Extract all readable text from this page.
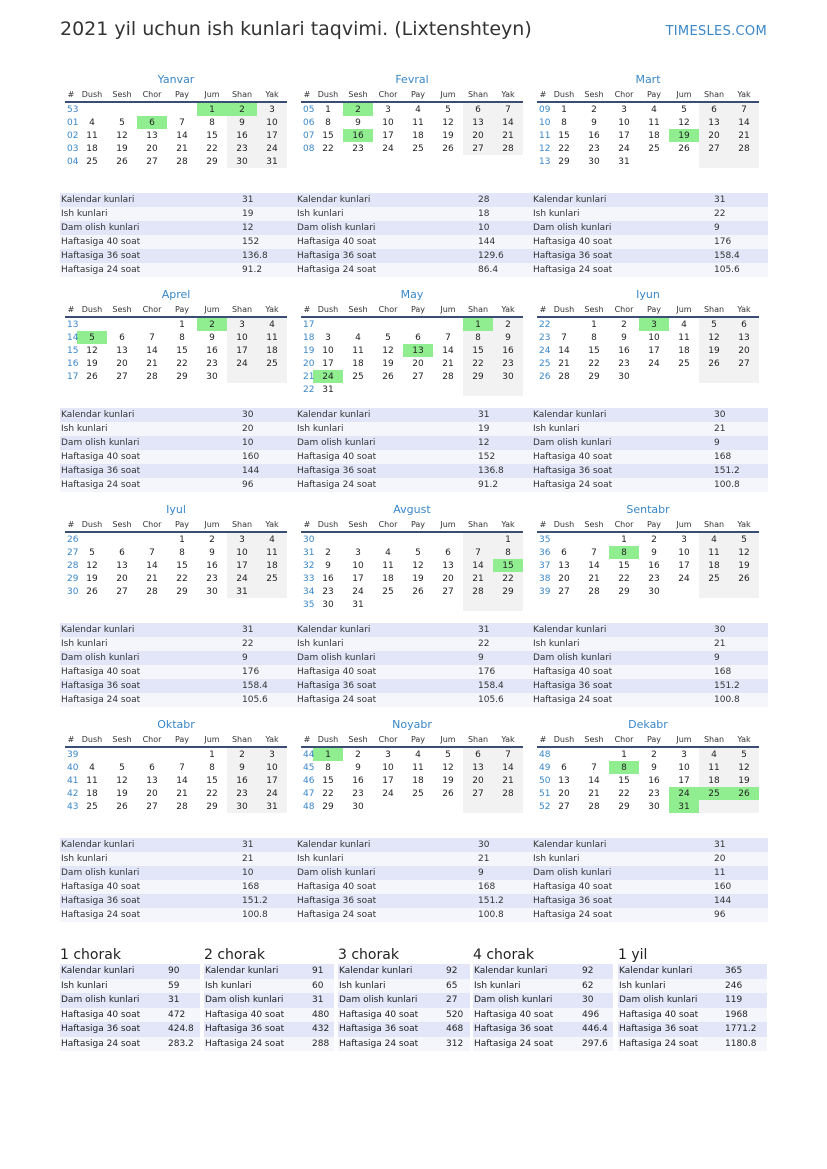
2021 yil uchun ish kunlari taqvimi. (Lixtenshteyn)	TIMESLES.COM
Yanvar
#	Dush	Sesh	Chor	Pay	Jum	Shan	Yak
53					1	2	3
01	4	5	6	7	8	9	10
02	11	12	13	14	15	16	17
03	18	19	20	21	22	23	24
04	25	26	27	28	29	30	31
Kalendar kunlari	31
Ish kunlari	19
Dam olish kunlari	12
Haftasiga 40 soat	152
Haftasiga 36 soat	136.8
Haftasiga 24 soat	91.2
Fevral
#	Dush	Sesh	Chor	Pay	Jum	Shan	Yak
05	1	2	3	4	5	6	7
06	8	9	10	11	12	13	14
07	15	16	17	18	19	20	21
08	22	23	24	25	26	27	28
Kalendar kunlari	28
Ish kunlari	18
Dam olish kunlari	10
Haftasiga 40 soat	144
Haftasiga 36 soat	129.6
Haftasiga 24 soat	86.4
Mart
#	Dush	Sesh	Chor	Pay	Jum	Shan	Yak
09	1	2	3	4	5	6	7
10	8	9	10	11	12	13	14
11	15	16	17	18	19	20	21
12	22	23	24	25	26	27	28
13	29	30	31				
Kalendar kunlari	31
Ish kunlari	22
Dam olish kunlari	9
Haftasiga 40 soat	176
Haftasiga 36 soat	158.4
Haftasiga 24 soat	105.6
Aprel
#	Dush	Sesh	Chor	Pay	Jum	Shan	Yak
13				1	2	3	4
14	5	6	7	8	9	10	11
15	12	13	14	15	16	17	18
16	19	20	21	22	23	24	25
17	26	27	28	29	30		
Kalendar kunlari	30
Ish kunlari	20
Dam olish kunlari	10
Haftasiga 40 soat	160
Haftasiga 36 soat	144
Haftasiga 24 soat	96
May
#	Dush	Sesh	Chor	Pay	Jum	Shan	Yak
17						1	2
18	3	4	5	6	7	8	9
19	10	11	12	13	14	15	16
20	17	18	19	20	21	22	23
21	24	25	26	27	28	29	30
22	31						
Kalendar kunlari	31
Ish kunlari	19
Dam olish kunlari	12
Haftasiga 40 soat	152
Haftasiga 36 soat	136.8
Haftasiga 24 soat	91.2
Iyun
#	Dush	Sesh	Chor	Pay	Jum	Shan	Yak
22		1	2	3	4	5	6
23	7	8	9	10	11	12	13
24	14	15	16	17	18	19	20
25	21	22	23	24	25	26	27
26	28	29	30				
Kalendar kunlari	30
Ish kunlari	21
Dam olish kunlari	9
Haftasiga 40 soat	168
Haftasiga 36 soat	151.2
Haftasiga 24 soat	100.8
Iyul
#	Dush	Sesh	Chor	Pay	Jum	Shan	Yak
26				1	2	3	4
27	5	6	7	8	9	10	11
28	12	13	14	15	16	17	18
29	19	20	21	22	23	24	25
30	26	27	28	29	30	31	
Kalendar kunlari	31
Ish kunlari	22
Dam olish kunlari	9
Haftasiga 40 soat	176
Haftasiga 36 soat	158.4
Haftasiga 24 soat	105.6
Avgust
#	Dush	Sesh	Chor	Pay	Jum	Shan	Yak
30							1
31	2	3	4	5	6	7	8
32	9	10	11	12	13	14	15
33	16	17	18	19	20	21	22
34	23	24	25	26	27	28	29
35	30	31					
Kalendar kunlari	31
Ish kunlari	22
Dam olish kunlari	9
Haftasiga 40 soat	176
Haftasiga 36 soat	158.4
Haftasiga 24 soat	105.6
Sentabr
#	Dush	Sesh	Chor	Pay	Jum	Shan	Yak
35			1	2	3	4	5
36	6	7	8	9	10	11	12
37	13	14	15	16	17	18	19
38	20	21	22	23	24	25	26
39	27	28	29	30			
Kalendar kunlari	30
Ish kunlari	21
Dam olish kunlari	9
Haftasiga 40 soat	168
Haftasiga 36 soat	151.2
Haftasiga 24 soat	100.8
Oktabr
#	Dush	Sesh	Chor	Pay	Jum	Shan	Yak
39					1	2	3
40	4	5	6	7	8	9	10
41	11	12	13	14	15	16	17
42	18	19	20	21	22	23	24
43	25	26	27	28	29	30	31
Kalendar kunlari	31
Ish kunlari	21
Dam olish kunlari	10
Haftasiga 40 soat	168
Haftasiga 36 soat	151.2
Haftasiga 24 soat	100.8
Noyabr
#	Dush	Sesh	Chor	Pay	Jum	Shan	Yak
44	1	2	3	4	5	6	7
45	8	9	10	11	12	13	14
46	15	16	17	18	19	20	21
47	22	23	24	25	26	27	28
48	29	30					
Kalendar kunlari	30
Ish kunlari	21
Dam olish kunlari	9
Haftasiga 40 soat	168
Haftasiga 36 soat	151.2
Haftasiga 24 soat	100.8
Dekabr
#	Dush	Sesh	Chor	Pay	Jum	Shan	Yak
48			1	2	3	4	5
49	6	7	8	9	10	11	12
50	13	14	15	16	17	18	19
51	20	21	22	23	24	25	26
52	27	28	29	30	31		
Kalendar kunlari	31
Ish kunlari	20
Dam olish kunlari	11
Haftasiga 40 soat	160
Haftasiga 36 soat	144
Haftasiga 24 soat	96
1 chorak
Kalendar kunlari	90
Ish kunlari	59
Dam olish kunlari	31
Haftasiga 40 soat	472
Haftasiga 36 soat	424.8
Haftasiga 24 soat	283.2
2 chorak
Kalendar kunlari	91
Ish kunlari	60
Dam olish kunlari	31
Haftasiga 40 soat	480
Haftasiga 36 soat	432
Haftasiga 24 soat	288
3 chorak
Kalendar kunlari	92
Ish kunlari	65
Dam olish kunlari	27
Haftasiga 40 soat	520
Haftasiga 36 soat	468
Haftasiga 24 soat	312
4 chorak
Kalendar kunlari	92
Ish kunlari	62
Dam olish kunlari	30
Haftasiga 40 soat	496
Haftasiga 36 soat	446.4
Haftasiga 24 soat	297.6
1 yil
Kalendar kunlari	365
Ish kunlari	246
Dam olish kunlari	119
Haftasiga 40 soat	1968
Haftasiga 36 soat	1771.2
Haftasiga 24 soat	1180.8
